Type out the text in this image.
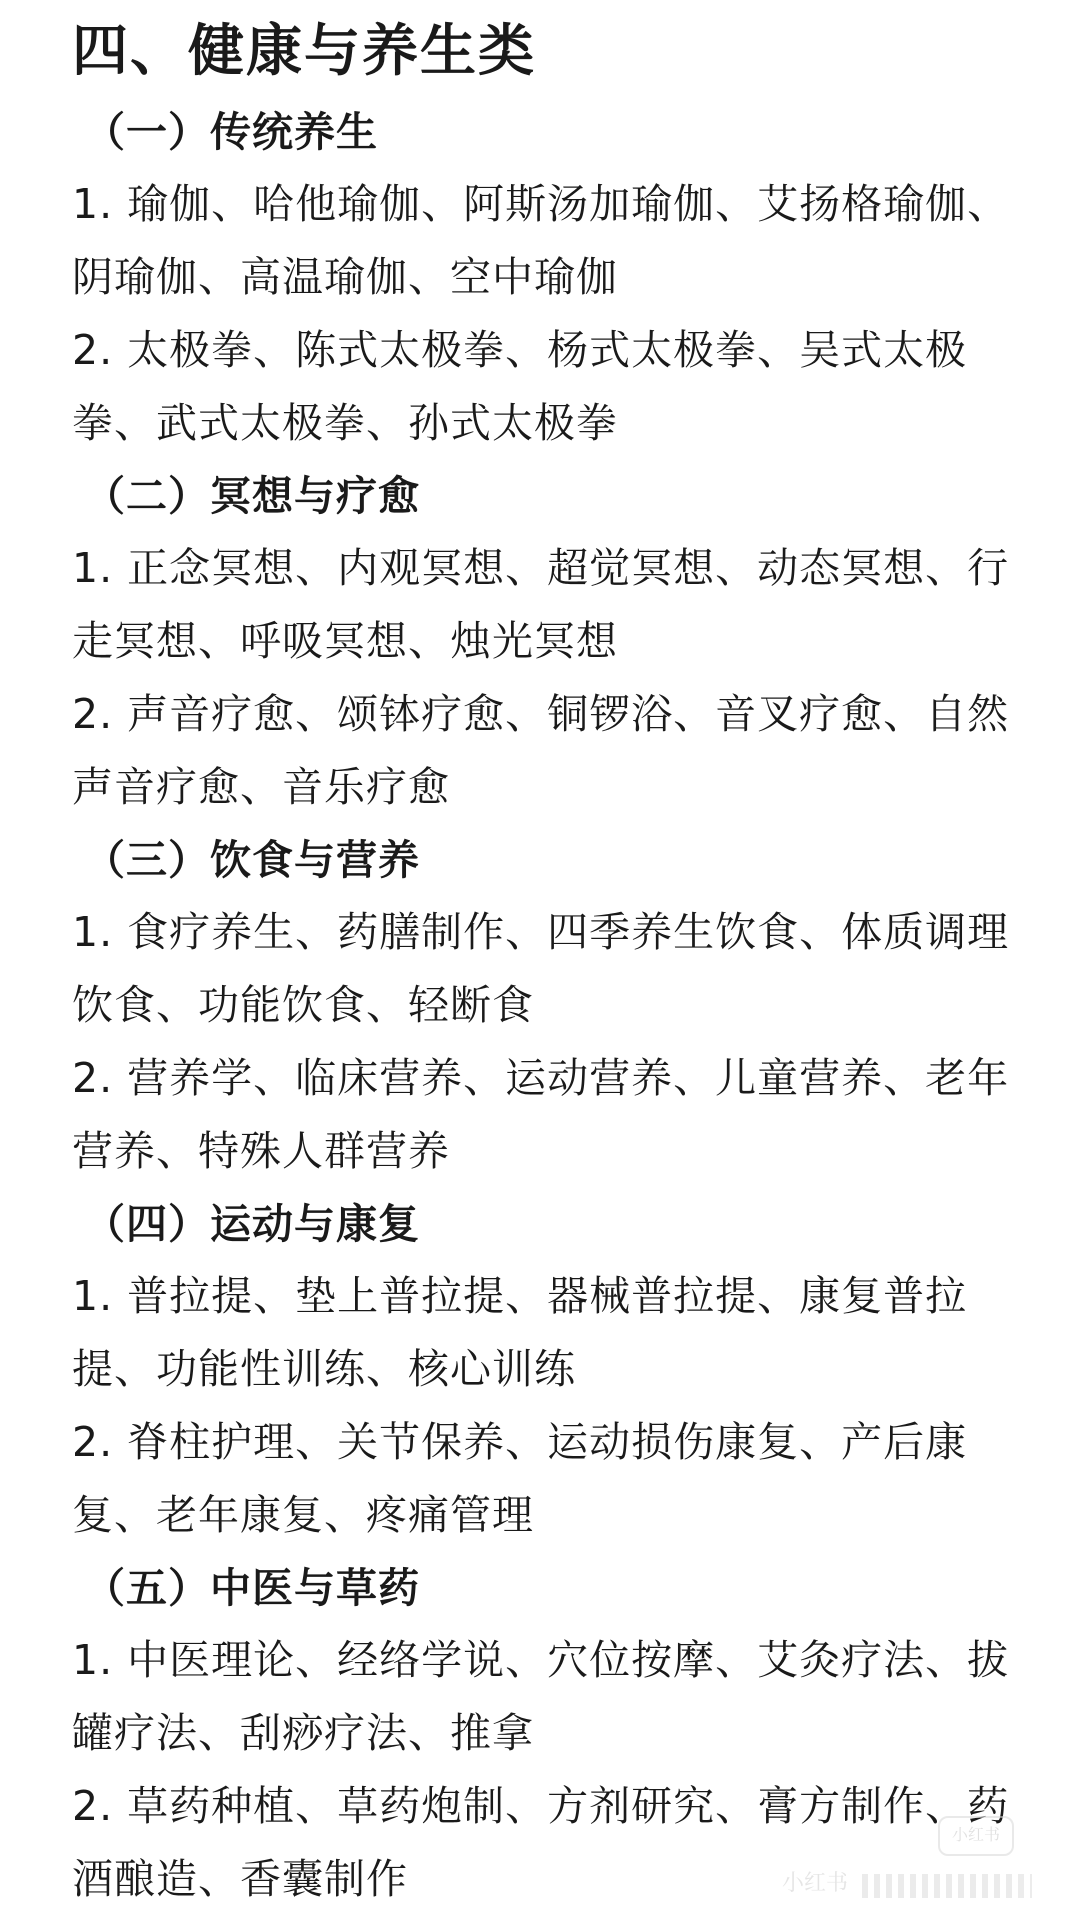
四、健康与养生类
（一）传统养生

1. 瑜伽、哈他瑜伽、阿斯汤加瑜伽、艾扬格瑜伽、阴瑜伽、高温瑜伽、空中瑜伽

2. 太极拳、陈式太极拳、杨式太极拳、吴式太极拳、武式太极拳、孙式太极拳

（二）冥想与疗愈

1. 正念冥想、内观冥想、超觉冥想、动态冥想、行走冥想、呼吸冥想、烛光冥想

2. 声音疗愈、颂钵疗愈、铜锣浴、音叉疗愈、自然声音疗愈、音乐疗愈

（三）饮食与营养

1. 食疗养生、药膳制作、四季养生饮食、体质调理饮食、功能饮食、轻断食

2. 营养学、临床营养、运动营养、儿童营养、老年营养、特殊人群营养

（四）运动与康复

1. 普拉提、垫上普拉提、器械普拉提、康复普拉提、功能性训练、核心训练

2. 脊柱护理、关节保养、运动损伤康复、产后康复、老年康复、疼痛管理

（五）中医与草药

1. 中医理论、经络学说、穴位按摩、艾灸疗法、拔罐疗法、刮痧疗法、推拿

2. 草药种植、草药炮制、方剂研究、膏方制作、药酒酿造、香囊制作

小红书
小红书
